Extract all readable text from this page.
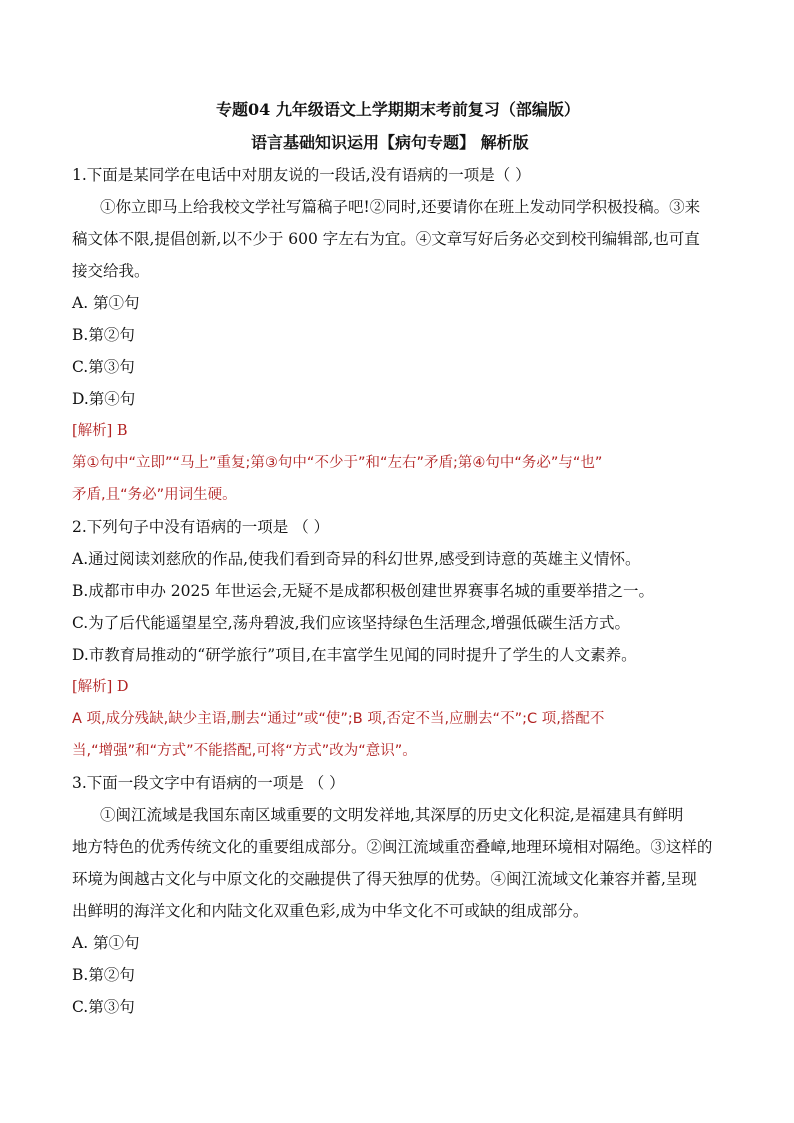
专题04 九年级语文上学期期末考前复习（部编版）
语言基础知识运用【病句专题】 解析版
1.下面是某同学在电话中对朋友说的一段话,没有语病的一项是（ ）
①你立即马上给我校文学社写篇稿子吧!②同时,还要请你在班上发动同学积极投稿。③来
稿文体不限,提倡创新,以不少于 600 字左右为宜。④文章写好后务必交到校刊编辑部,也可直
接交给我。
A. 第①句
B.第②句
C.第③句
D.第④句
[解析] B
第①句中“立即”“马上”重复;第③句中“不少于”和“左右”矛盾;第④句中“务必”与“也”
矛盾,且“务必”用词生硬。
2.下列句子中没有语病的一项是 （ ）
A.通过阅读刘慈欣的作品,使我们看到奇异的科幻世界,感受到诗意的英雄主义情怀。
B.成都市申办 2025 年世运会,无疑不是成都积极创建世界赛事名城的重要举措之一。
C.为了后代能遥望星空,荡舟碧波,我们应该坚持绿色生活理念,增强低碳生活方式。
D.市教育局推动的“研学旅行”项目,在丰富学生见闻的同时提升了学生的人文素养。
[解析] D
A 项,成分残缺,缺少主语,删去“通过”或“使”;B 项,否定不当,应删去“不”;C 项,搭配不
当,“增强”和“方式”不能搭配,可将“方式”改为“意识”。
3.下面一段文字中有语病的一项是 （ ）
①闽江流域是我国东南区域重要的文明发祥地,其深厚的历史文化积淀,是福建具有鲜明
地方特色的优秀传统文化的重要组成部分。②闽江流域重峦叠嶂,地理环境相对隔绝。③这样的
环境为闽越古文化与中原文化的交融提供了得天独厚的优势。④闽江流域文化兼容并蓄,呈现
出鲜明的海洋文化和内陆文化双重色彩,成为中华文化不可或缺的组成部分。
A. 第①句
B.第②句
C.第③句
